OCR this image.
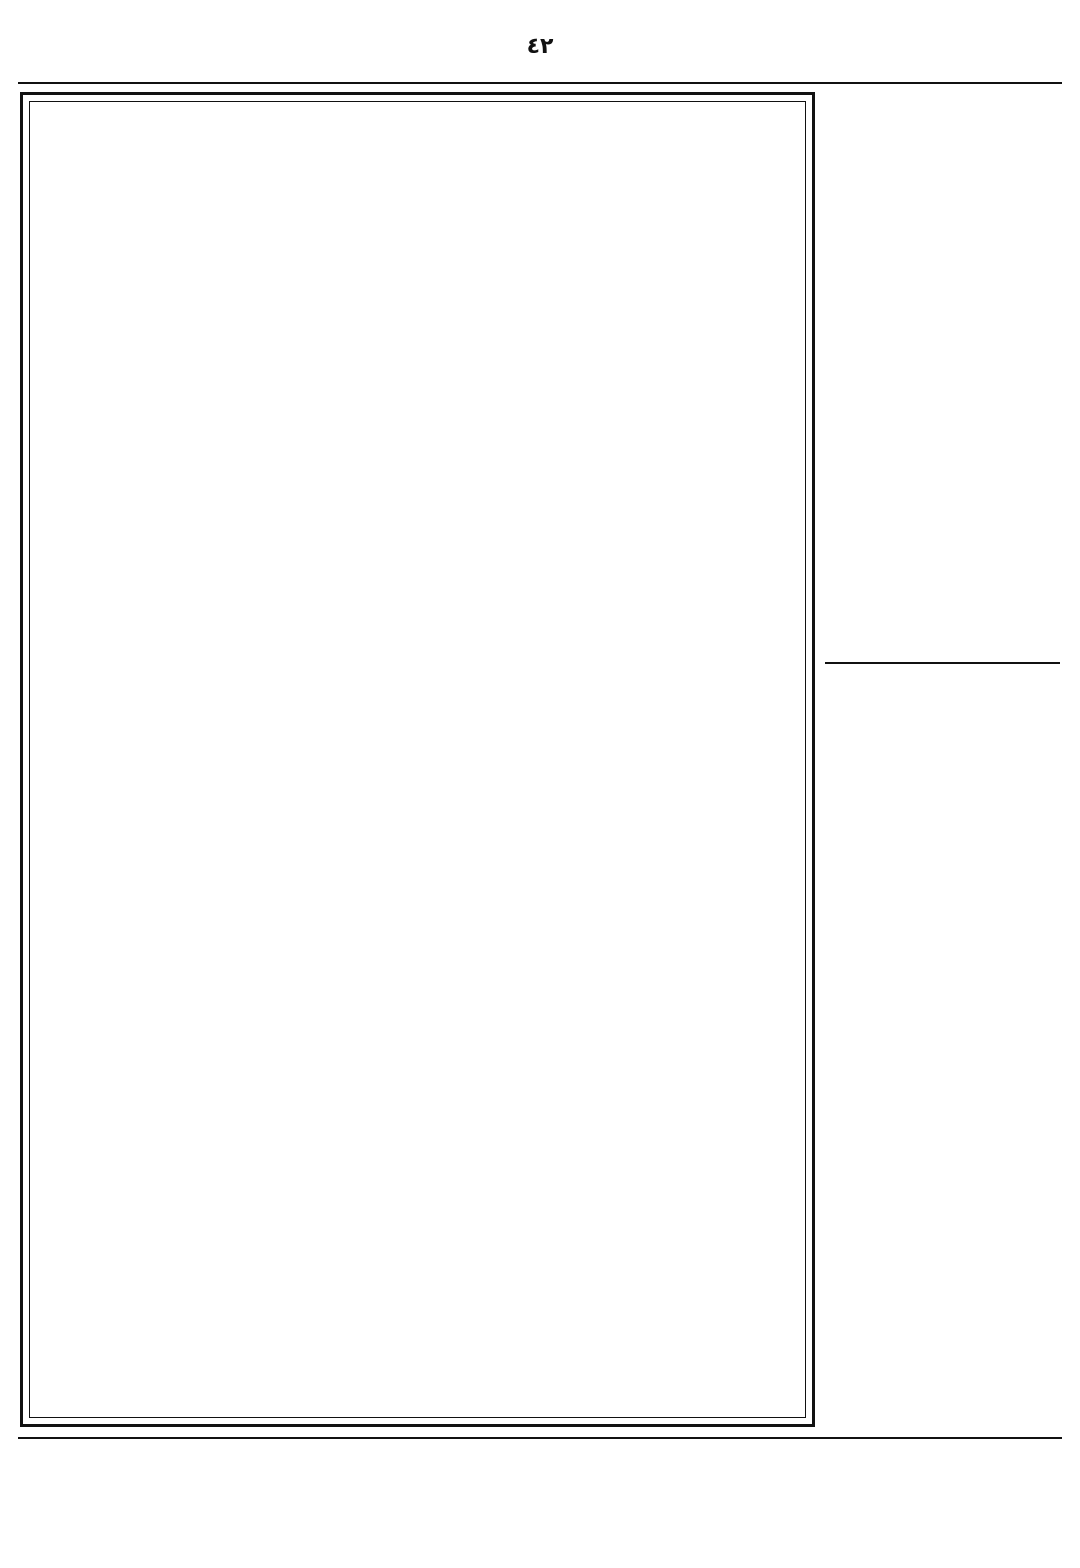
٤٢
